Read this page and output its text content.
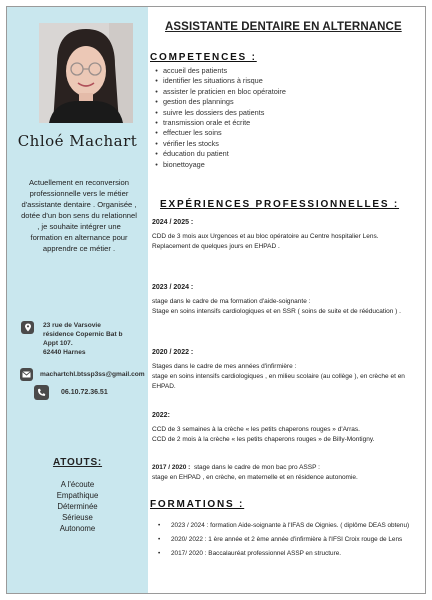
Chloé Machart
Actuellement en reconversion professionnelle vers le métier d'assistante dentaire . Organisée , dotée d'un bon sens du relationnel , je souhaite intégrer une formation en alternance pour apprendre ce métier .
23 rue de Varsovie
résidence Copernic Bat b
Appt 107.
62440 Harnes
machartchl.btssp3ss@gmail.com
06.10.72.36.51
ATOUTS:
A l'écoute
Empathique
Déterminée
Sérieuse
Autonome
ASSISTANTE DENTAIRE EN ALTERNANCE
COMPETENCES :
• accueil des patients
• identifier les situations à risque
• assister le praticien en bloc opératoire
• gestion des plannings
• suivre les dossiers des patients
• transmission orale et écrite
• effectuer les soins
• vérifier les stocks
• éducation du patient
• bionettoyage
EXPÉRIENCES PROFESSIONNELLES :
2024 / 2025 :

CDD de 3 mois aux Urgences et au bloc opératoire au Centre hospitalier Lens.

Replacement de quelques jours en EHPAD .

2023 / 2024 :

stage dans le cadre de ma formation d'aide-soignante :

Stage en soins intensifs cardiologiques et en SSR ( soins de suite et de rééducation ) .

2020 / 2022 :

Stages dans le cadre de mes années d'infirmière :

stage en soins intensifs cardiologiques , en milieu scolaire (au collège ), en crèche et en EHPAD.

2022:

CCD de 3 semaines à la crèche « les petits chaperons rouges » d'Arras.

CCD de 2 mois à la crèche « les petits chaperons rouges » de Billy-Montigny.

2017 / 2020 : stage dans le cadre de mon bac pro ASSP :

stage en EHPAD , en crèche, en maternelle et en résidence autonomie.

FORMATIONS :
• 2023 / 2024 : formation Aide-soignante à l'IFAS de Oignies. ( diplôme DEAS obtenu)
• 2020/ 2022 : 1 ère année et 2 ème année d'infirmière à l'IFSI Croix rouge de Lens
• 2017/ 2020 : Baccalauréat professionnel ASSP en structure.
